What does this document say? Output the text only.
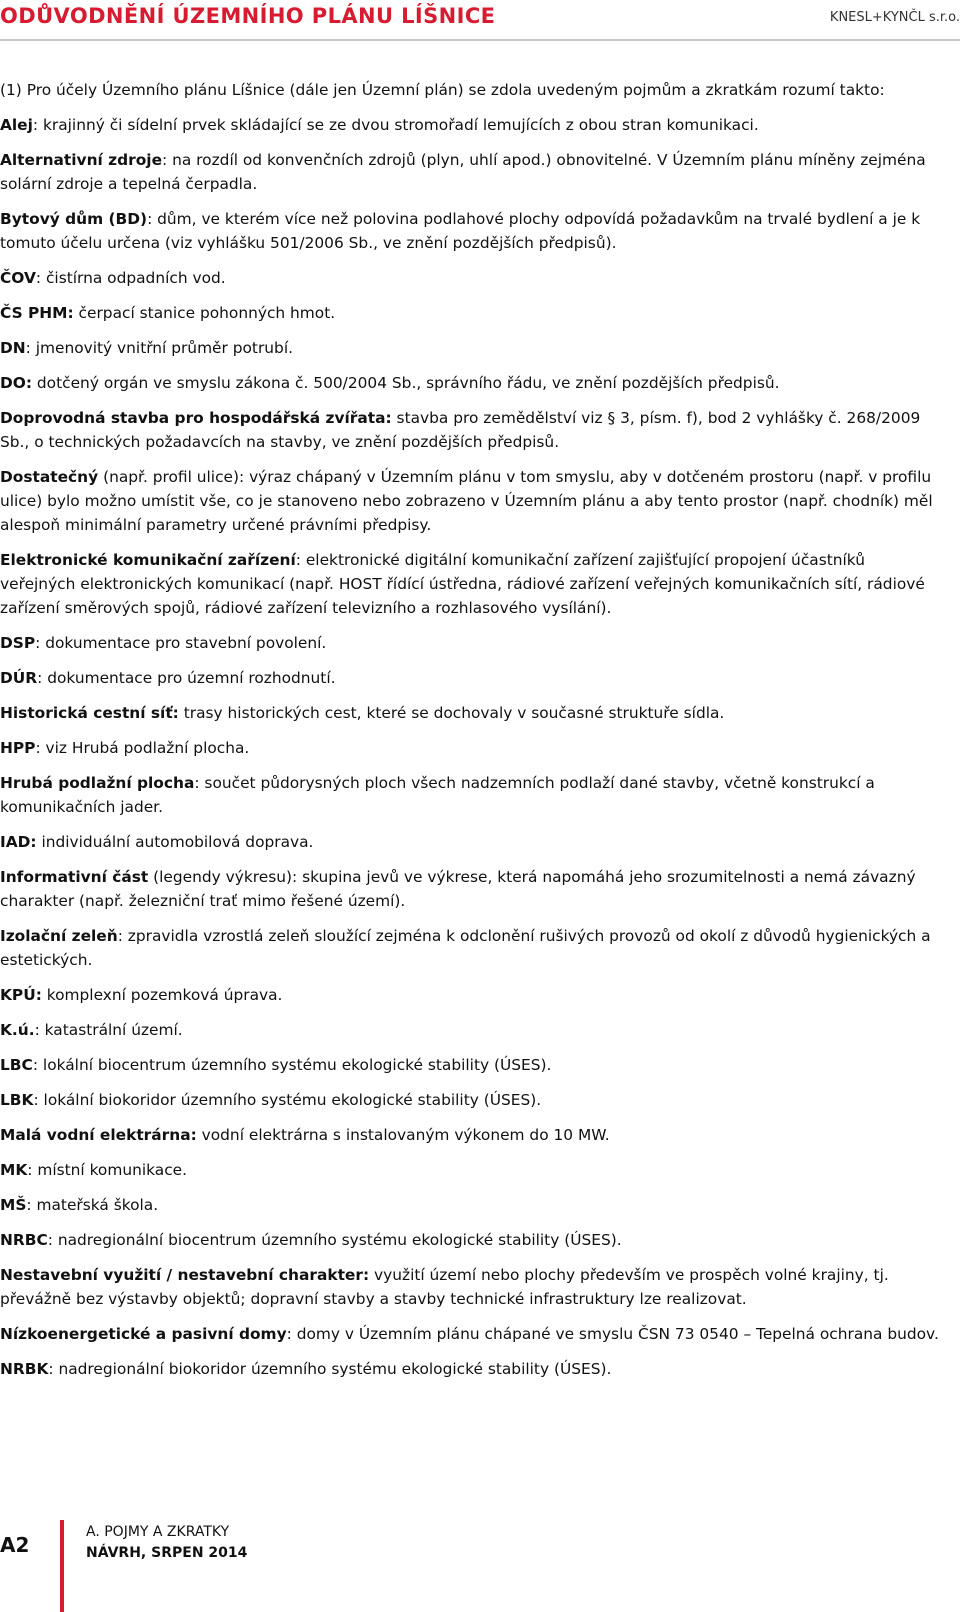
ODŮVODNĚNÍ ÚZEMNÍHO PLÁNU LÍŠNICE	KNESL+KYNČL s.r.o.

(1) Pro účely Územního plánu Líšnice (dále jen Územní plán) se zdola uvedeným pojmům a zkratkám rozumí takto:

Alej: krajinný či sídelní prvek skládající se ze dvou stromořadí lemujících z obou stran komunikaci.

Alternativní zdroje: na rozdíl od konvenčních zdrojů (plyn, uhlí apod.) obnovitelné. V Územním plánu míněny zejména solární zdroje a tepelná čerpadla.

Bytový dům (BD): dům, ve kterém více než polovina podlahové plochy odpovídá požadavkům na trvalé bydlení a je k tomuto účelu určena (viz vyhlášku 501/2006 Sb., ve znění pozdějších předpisů).

ČOV: čistírna odpadních vod.

ČS PHM: čerpací stanice pohonných hmot.

DN: jmenovitý vnitřní průměr potrubí.

DO: dotčený orgán ve smyslu zákona č. 500/2004 Sb., správního řádu, ve znění pozdějších předpisů.

Doprovodná stavba pro hospodářská zvířata: stavba pro zemědělství viz § 3, písm. f), bod 2 vyhlášky č. 268/2009 Sb., o technických požadavcích na stavby, ve znění pozdějších předpisů.

Dostatečný (např. profil ulice): výraz chápaný v Územním plánu v tom smyslu, aby v dotčeném prostoru (např. v profilu ulice) bylo možno umístit vše, co je stanoveno nebo zobrazeno v Územním plánu a aby tento prostor (např. chodník) měl alespoň minimální parametry určené právními předpisy.

Elektronické komunikační zařízení: elektronické digitální komunikační zařízení zajišťující propojení účastníků veřejných elektronických komunikací (např. HOST řídící ústředna, rádiové zařízení veřejných komunikačních sítí, rádiové zařízení směrových spojů, rádiové zařízení televizního a rozhlasového vysílání).

DSP: dokumentace pro stavební povolení.

DÚR: dokumentace pro územní rozhodnutí.

Historická cestní síť: trasy historických cest, které se dochovaly v současné struktuře sídla.

HPP: viz Hrubá podlažní plocha.

Hrubá podlažní plocha: součet půdorysných ploch všech nadzemních podlaží dané stavby, včetně konstrukcí a komunikačních jader.

IAD: individuální automobilová doprava.

Informativní část (legendy výkresu): skupina jevů ve výkrese, která napomáhá jeho srozumitelnosti a nemá závazný charakter (např. železniční trať mimo řešené území).

Izolační zeleň: zpravidla vzrostlá zeleň sloužící zejména k odclonění rušivých provozů od okolí z důvodů hygienických a estetických.

KPÚ: komplexní pozemková úprava.

K.ú.: katastrální území.

LBC: lokální biocentrum územního systému ekologické stability (ÚSES).

LBK: lokální biokoridor územního systému ekologické stability (ÚSES).

Malá vodní elektrárna: vodní elektrárna s instalovaným výkonem do 10 MW.

MK: místní komunikace.

MŠ: mateřská škola.

NRBC: nadregionální biocentrum územního systému ekologické stability (ÚSES).

Nestavební využití / nestavební charakter: využití území nebo plochy především ve prospěch volné krajiny, tj. převážně bez výstavby objektů; dopravní stavby a stavby technické infrastruktury lze realizovat.

Nízkoenergetické a pasivní domy: domy v Územním plánu chápané ve smyslu ČSN 73 0540 – Tepelná ochrana budov.

NRBK: nadregionální biokoridor územního systému ekologické stability (ÚSES).

A2
A. POJMY A ZKRATKY
NÁVRH, SRPEN 2014
